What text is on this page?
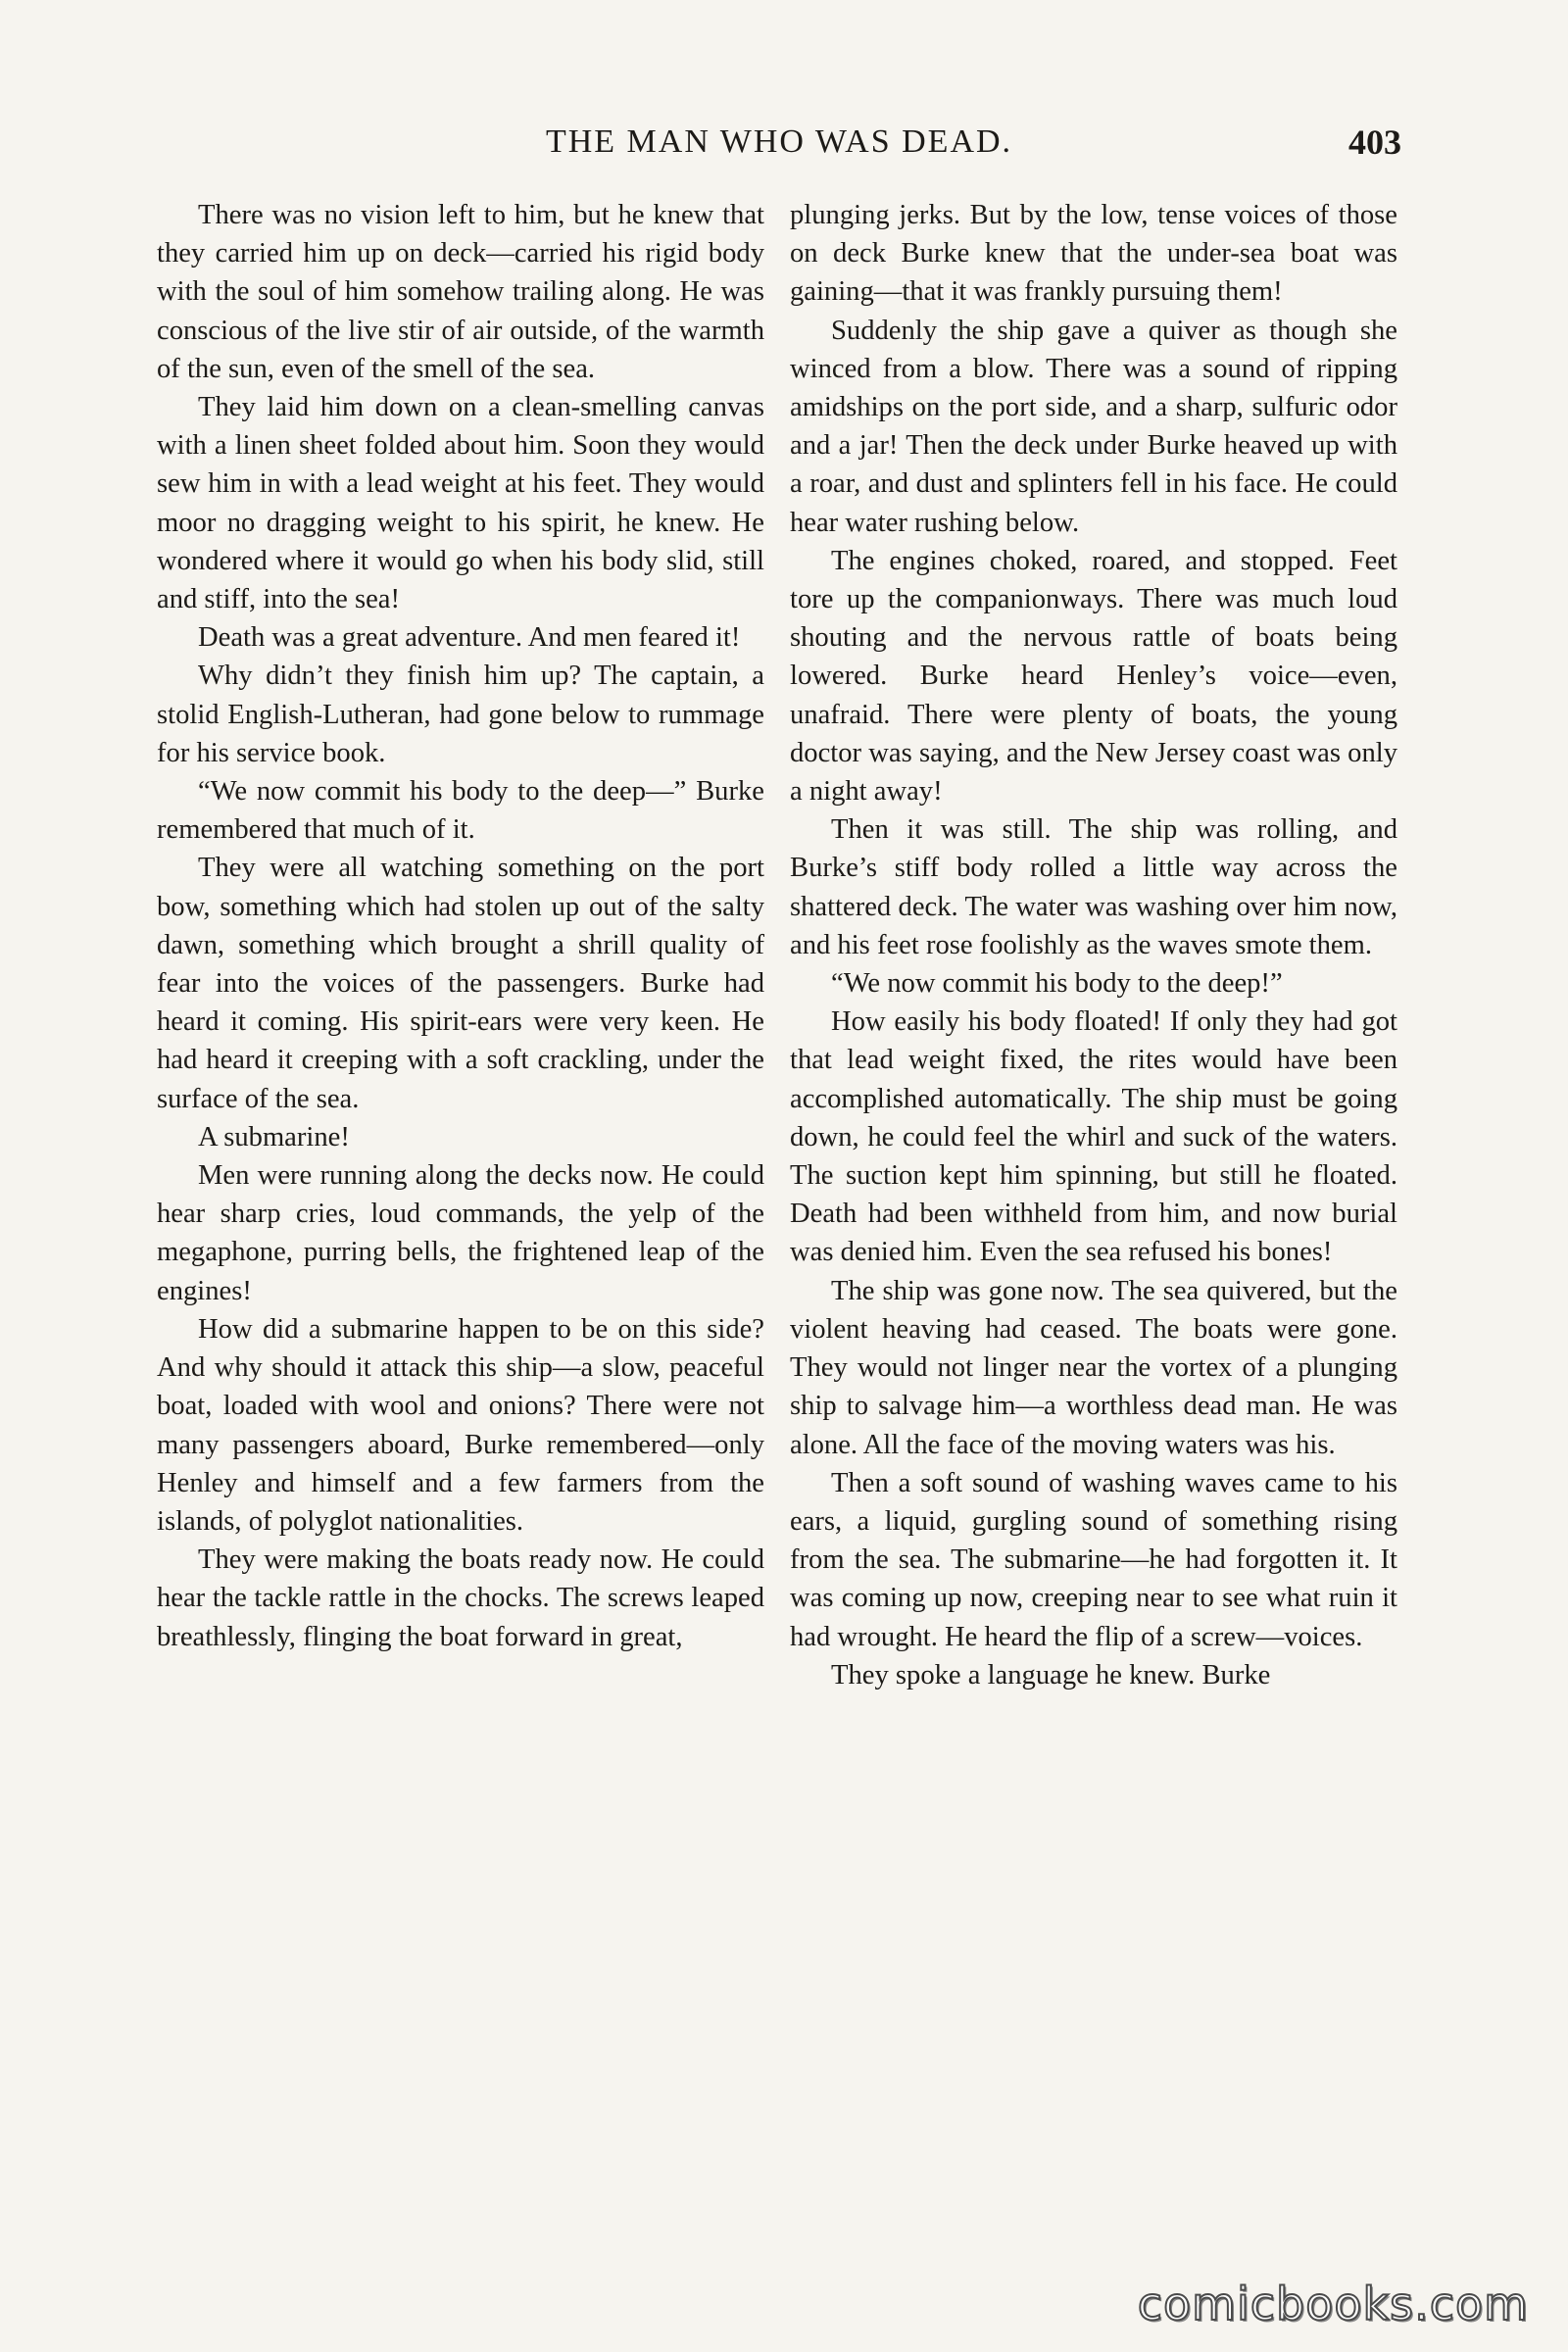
THE MAN WHO WAS DEAD.	403

There was no vision left to him, but he knew that they carried him up on deck—carried his rigid body with the soul of him somehow trailing along. He was conscious of the live stir of air outside, of the warmth of the sun, even of the smell of the sea.

They laid him down on a clean-smelling canvas with a linen sheet folded about him. Soon they would sew him in with a lead weight at his feet. They would moor no dragging weight to his spirit, he knew. He wondered where it would go when his body slid, still and stiff, into the sea!

Death was a great adventure. And men feared it!

Why didn’t they finish him up? The captain, a stolid English-Lutheran, had gone below to rummage for his service book.

“We now commit his body to the deep—” Burke remembered that much of it.

They were all watching something on the port bow, something which had stolen up out of the salty dawn, something which brought a shrill quality of fear into the voices of the passengers. Burke had heard it coming. His spirit-ears were very keen. He had heard it creeping with a soft crackling, under the surface of the sea.

A submarine!

Men were running along the decks now. He could hear sharp cries, loud commands, the yelp of the megaphone, purring bells, the frightened leap of the engines!

How did a submarine happen to be on this side? And why should it attack this ship—a slow, peaceful boat, loaded with wool and onions? There were not many passengers aboard, Burke remembered—only Henley and himself and a few farmers from the islands, of polyglot nationalities.

They were making the boats ready now. He could hear the tackle rattle in the chocks. The screws leaped breathlessly, flinging the boat forward in great,

plunging jerks. But by the low, tense voices of those on deck Burke knew that the under-sea boat was gaining—that it was frankly pursuing them!

Suddenly the ship gave a quiver as though she winced from a blow. There was a sound of ripping amidships on the port side, and a sharp, sulfuric odor and a jar! Then the deck under Burke heaved up with a roar, and dust and splinters fell in his face. He could hear water rushing below.

The engines choked, roared, and stopped. Feet tore up the companionways. There was much loud shouting and the nervous rattle of boats being lowered. Burke heard Henley’s voice—even, unafraid. There were plenty of boats, the young doctor was saying, and the New Jersey coast was only a night away!

Then it was still. The ship was rolling, and Burke’s stiff body rolled a little way across the shattered deck. The water was washing over him now, and his feet rose foolishly as the waves smote them.

“We now commit his body to the deep!”

How easily his body floated! If only they had got that lead weight fixed, the rites would have been accomplished automatically. The ship must be going down, he could feel the whirl and suck of the waters. The suction kept him spinning, but still he floated. Death had been withheld from him, and now burial was denied him. Even the sea refused his bones!

The ship was gone now. The sea quivered, but the violent heaving had ceased. The boats were gone. They would not linger near the vortex of a plunging ship to salvage him—a worthless dead man. He was alone. All the face of the moving waters was his.

Then a soft sound of washing waves came to his ears, a liquid, gurgling sound of something rising from the sea. The submarine—he had forgotten it. It was coming up now, creeping near to see what ruin it had wrought. He heard the flip of a screw—voices.

They spoke a language he knew. Burke

comicbooks.com
